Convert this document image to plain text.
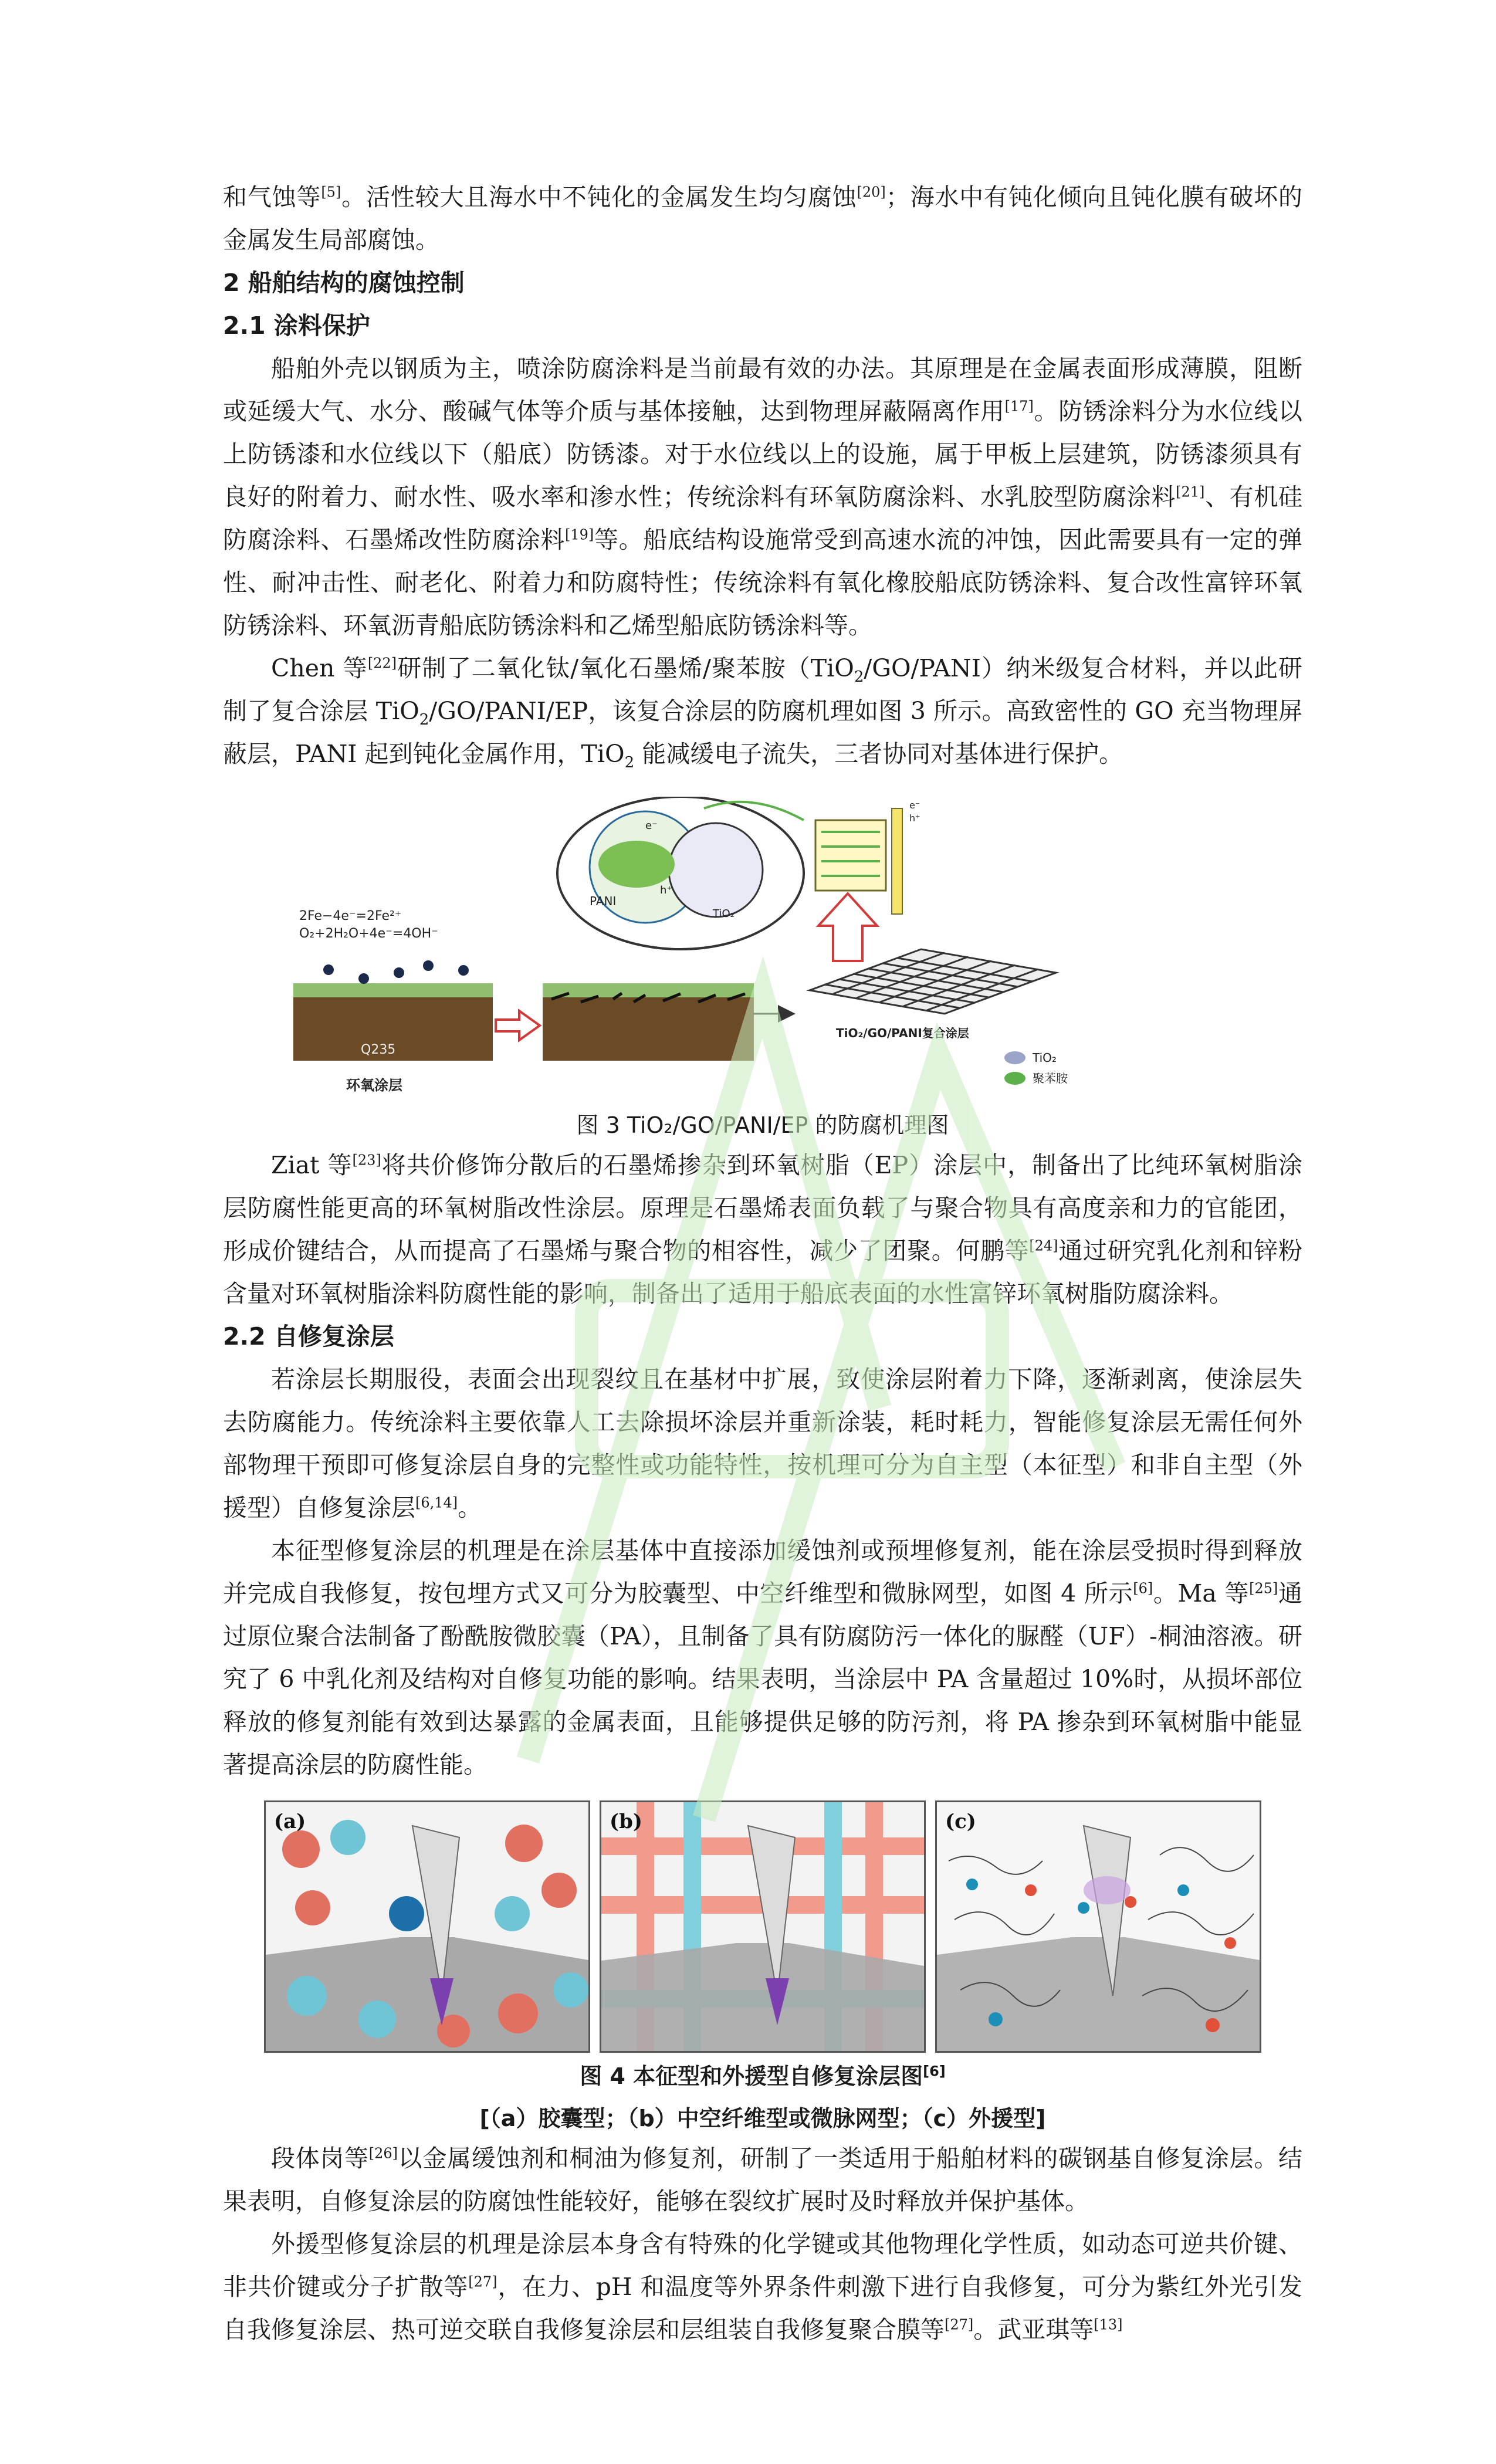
和气蚀等[5]。活性较大且海水中不钝化的金属发生均匀腐蚀[20]；海水中有钝化倾向且钝化膜有破坏的金属发生局部腐蚀。

2 船舶结构的腐蚀控制

2.1 涂料保护

船舶外壳以钢质为主，喷涂防腐涂料是当前最有效的办法。其原理是在金属表面形成薄膜，阻断或延缓大气、水分、酸碱气体等介质与基体接触，达到物理屏蔽隔离作用[17]。防锈涂料分为水位线以上防锈漆和水位线以下（船底）防锈漆。对于水位线以上的设施，属于甲板上层建筑，防锈漆须具有良好的附着力、耐水性、吸水率和渗水性；传统涂料有环氧防腐涂料、水乳胶型防腐涂料[21]、有机硅防腐涂料、石墨烯改性防腐涂料[19]等。船底结构设施常受到高速水流的冲蚀，因此需要具有一定的弹性、耐冲击性、耐老化、附着力和防腐特性；传统涂料有氧化橡胶船底防锈涂料、复合改性富锌环氧防锈涂料、环氧沥青船底防锈涂料和乙烯型船底防锈涂料等。

Chen 等[22]研制了二氧化钛/氧化石墨烯/聚苯胺（TiO$_2$/GO/PANI）纳米级复合材料，并以此研制了复合涂层 TiO$_2$/GO/PANI/EP，该复合涂层的防腐机理如图 3 所示。高致密性的 GO 充当物理屏蔽层，PANI 起到钝化金属作用，TiO$_2$ 能减缓电子流失，三者协同对基体进行保护。

2Fe−4e⁻=2Fe²⁺
O₂+2H₂O+4e⁻=4OH⁻
Q235
环氧涂层
PANI
TiO₂
h⁺
e⁻
e⁻
h⁺
TiO₂/GO/PANI复合涂层
TiO₂
聚苯胺

图 3 TiO₂/GO/PANI/EP 的防腐机理图

Ziat 等[23]将共价修饰分散后的石墨烯掺杂到环氧树脂（EP）涂层中，制备出了比纯环氧树脂涂层防腐性能更高的环氧树脂改性涂层。原理是石墨烯表面负载了与聚合物具有高度亲和力的官能团，形成价键结合，从而提高了石墨烯与聚合物的相容性，减少了团聚。何鹏等[24]通过研究乳化剂和锌粉含量对环氧树脂涂料防腐性能的影响，制备出了适用于船底表面的水性富锌环氧树脂防腐涂料。

2.2 自修复涂层

若涂层长期服役，表面会出现裂纹且在基材中扩展，致使涂层附着力下降，逐渐剥离，使涂层失去防腐能力。传统涂料主要依靠人工去除损坏涂层并重新涂装，耗时耗力，智能修复涂层无需任何外部物理干预即可修复涂层自身的完整性或功能特性，按机理可分为自主型（本征型）和非自主型（外援型）自修复涂层[6,14]。

本征型修复涂层的机理是在涂层基体中直接添加缓蚀剂或预埋修复剂，能在涂层受损时得到释放并完成自我修复，按包埋方式又可分为胶囊型、中空纤维型和微脉网型，如图 4 所示[6]。Ma 等[25]通过原位聚合法制备了酚酰胺微胶囊（PA），且制备了具有防腐防污一体化的脲醛（UF）-桐油溶液。研究了 6 中乳化剂及结构对自修复功能的影响。结果表明，当涂层中 PA 含量超过 10%时，从损坏部位释放的修复剂能有效到达暴露的金属表面，且能够提供足够的防污剂，将 PA 掺杂到环氧树脂中能显著提高涂层的防腐性能。

(a)	(b)	(c)

图 4 本征型和外援型自修复涂层图[6]

[（a）胶囊型；（b）中空纤维型或微脉网型；（c）外援型]

段体岗等[26]以金属缓蚀剂和桐油为修复剂，研制了一类适用于船舶材料的碳钢基自修复涂层。结果表明，自修复涂层的防腐蚀性能较好，能够在裂纹扩展时及时释放并保护基体。

外援型修复涂层的机理是涂层本身含有特殊的化学键或其他物理化学性质，如动态可逆共价键、非共价键或分子扩散等[27]，在力、pH 和温度等外界条件刺激下进行自我修复，可分为紫红外光引发自我修复涂层、热可逆交联自我修复涂层和层组装自我修复聚合膜等[27]。武亚琪等[13]
